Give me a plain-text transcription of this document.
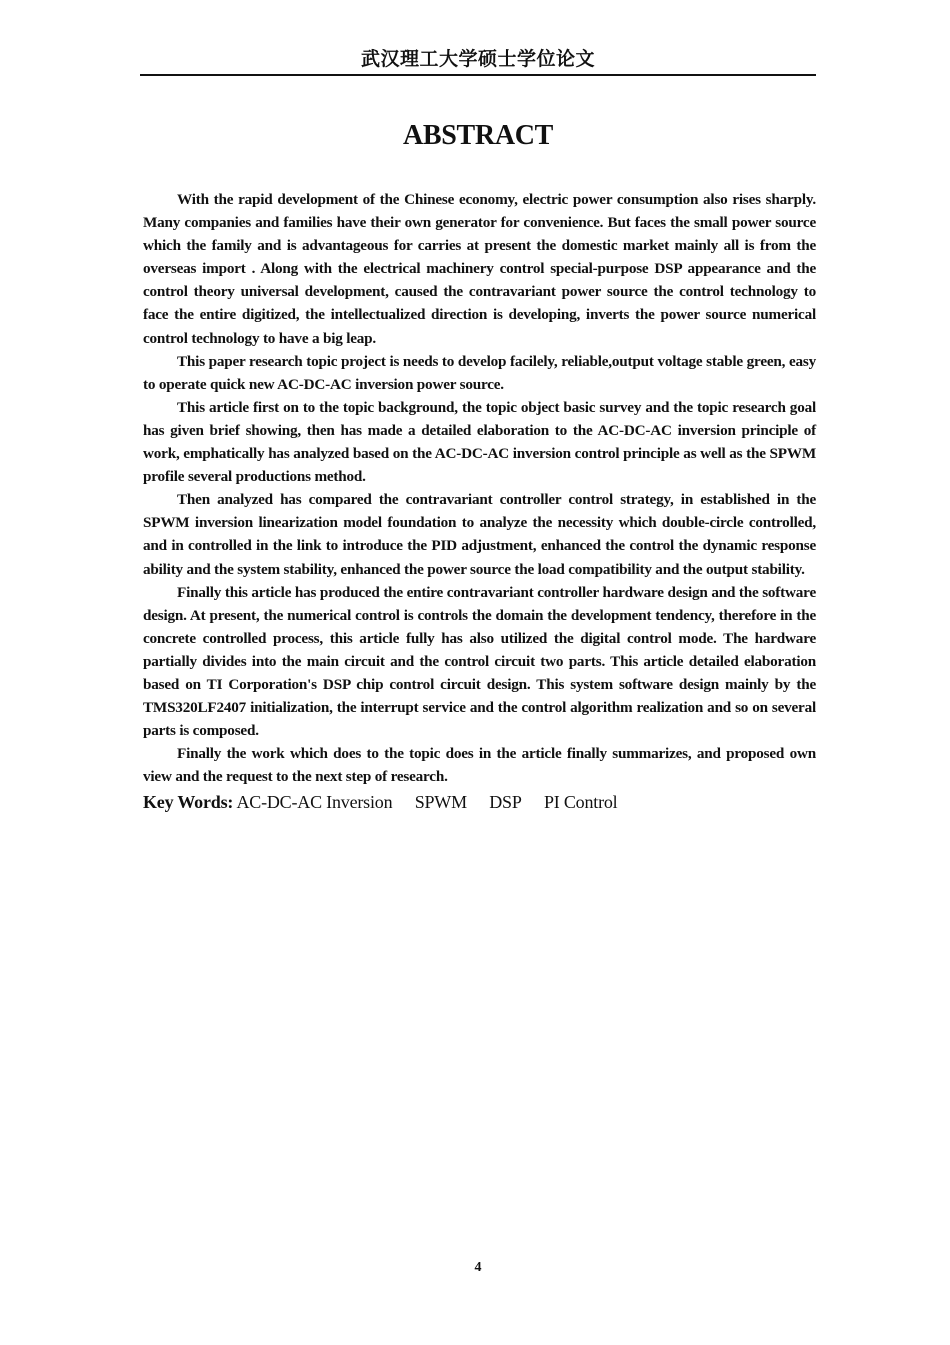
武汉理工大学硕士学位论文
ABSTRACT

With the rapid development of the Chinese economy, electric power consumption also rises sharply. Many companies and families have their own generator for convenience. But faces the small power source which the family and is advantageous for carries at present the domestic market mainly all is from the overseas import . Along with the electrical machinery control special-purpose DSP appearance and the control theory universal development, caused the contravariant power source the control technology to face the entire digitized, the intellectualized direction is developing, inverts the power source numerical control technology to have a big leap.

This paper research topic project is needs to develop facilely, reliable,output voltage stable green, easy to operate quick new AC-DC-AC inversion power source.

This article first on to the topic background, the topic object basic survey and the topic research goal has given brief showing, then has made a detailed elaboration to the AC-DC-AC inversion principle of work, emphatically has analyzed based on the AC-DC-AC inversion control principle as well as the SPWM profile several productions method.

Then analyzed has compared the contravariant controller control strategy, in established in the SPWM inversion linearization model foundation to analyze the necessity which double-circle controlled, and in controlled in the link to introduce the PID adjustment, enhanced the control the dynamic response ability and the system stability, enhanced the power source the load compatibility and the output stability.

Finally this article has produced the entire contravariant controller hardware design and the software design. At present, the numerical control is controls the domain the development tendency, therefore in the concrete controlled process, this article fully has also utilized the digital control mode. The hardware partially divides into the main circuit and the control circuit two parts. This article detailed elaboration based on TI Corporation's DSP chip control circuit design. This system software design mainly by the TMS320LF2407 initialization, the interrupt service and the control algorithm realization and so on several parts is composed.

Finally the work which does to the topic does in the article finally summarizes, and proposed own view and the request to the next step of research.

Key Words: AC-DC-AC Inversion SPWM DSP PI Control
4
